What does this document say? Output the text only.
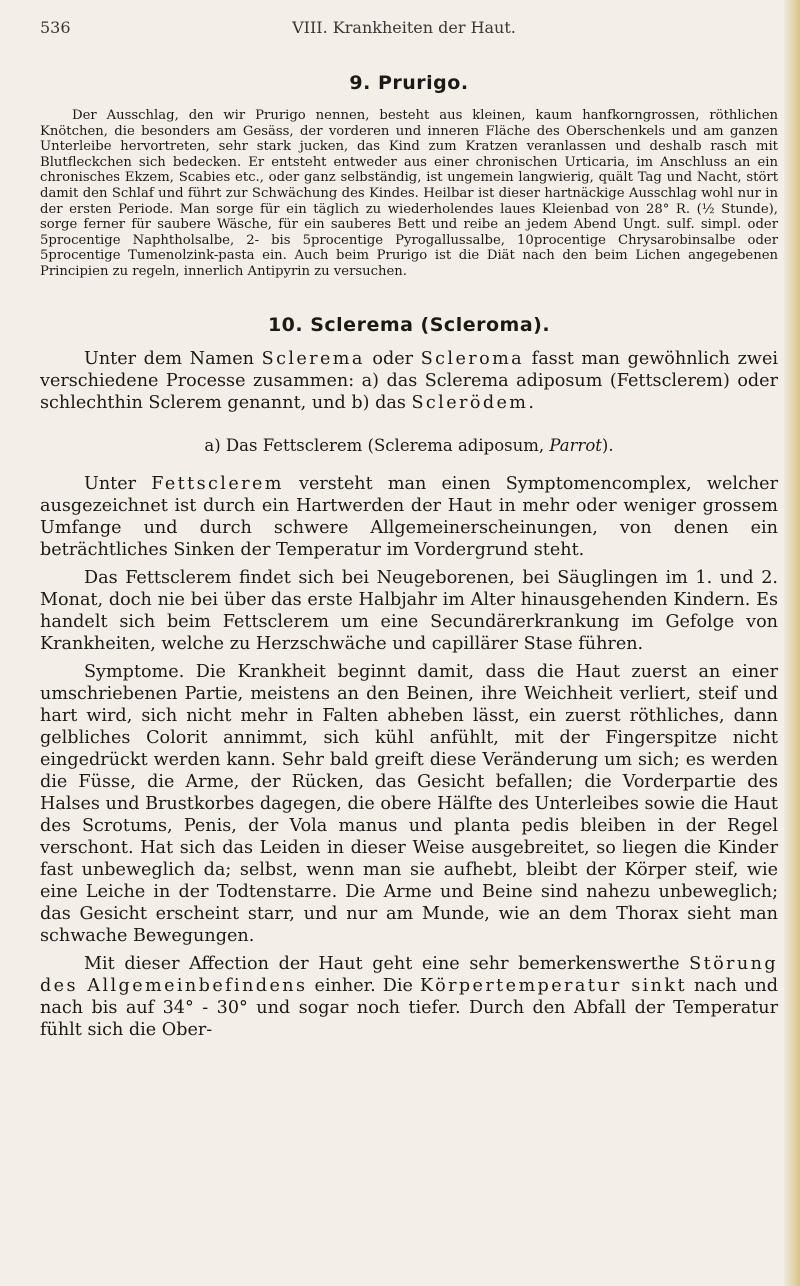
536	VIII. Krankheiten der Haut.
9. Prurigo.

Der Ausschlag, den wir Prurigo nennen, besteht aus kleinen, kaum hanfkorngrossen, röthlichen Knötchen, die besonders am Gesäss, der vorderen und inneren Fläche des Oberschenkels und am ganzen Unterleibe hervortreten, sehr stark jucken, das Kind zum Kratzen veranlassen und deshalb rasch mit Blutfleckchen sich bedecken. Er entsteht entweder aus einer chronischen Urticaria, im Anschluss an ein chronisches Ekzem, Scabies etc., oder ganz selbständig, ist ungemein langwierig, quält Tag und Nacht, stört damit den Schlaf und führt zur Schwächung des Kindes. Heilbar ist dieser hartnäckige Ausschlag wohl nur in der ersten Periode. Man sorge für ein täglich zu wiederholendes laues Kleienbad von 28° R. (½ Stunde), sorge ferner für saubere Wäsche, für ein sauberes Bett und reibe an jedem Abend Ungt. sulf. simpl. oder 5procentige Naphtholsalbe, 2- bis 5procentige Pyrogallussalbe, 10procentige Chrysarobinsalbe oder 5procentige Tumenolzink-pasta ein. Auch beim Prurigo ist die Diät nach den beim Lichen angegebenen Principien zu regeln, innerlich Antipyrin zu versuchen.

10. Sclerema (Scleroma).

Unter dem Namen Sclerema oder Scleroma fasst man gewöhnlich zwei verschiedene Processe zusammen: a) das Sclerema adiposum (Fettsclerem) oder schlechthin Sclerem genannt, und b) das Sclerödem.

a) Das Fettsclerem (Sclerema adiposum, Parrot).

Unter Fettsclerem versteht man einen Symptomencomplex, welcher ausgezeichnet ist durch ein Hartwerden der Haut in mehr oder weniger grossem Umfange und durch schwere Allgemeinerscheinungen, von denen ein beträchtliches Sinken der Temperatur im Vordergrund steht.

Das Fettsclerem findet sich bei Neugeborenen, bei Säuglingen im 1. und 2. Monat, doch nie bei über das erste Halbjahr im Alter hinausgehenden Kindern. Es handelt sich beim Fettsclerem um eine Secundärerkrankung im Gefolge von Krankheiten, welche zu Herzschwäche und capillärer Stase führen.

Symptome. Die Krankheit beginnt damit, dass die Haut zuerst an einer umschriebenen Partie, meistens an den Beinen, ihre Weichheit verliert, steif und hart wird, sich nicht mehr in Falten abheben lässt, ein zuerst röthliches, dann gelbliches Colorit annimmt, sich kühl anfühlt, mit der Fingerspitze nicht eingedrückt werden kann. Sehr bald greift diese Veränderung um sich; es werden die Füsse, die Arme, der Rücken, das Gesicht befallen; die Vorderpartie des Halses und Brustkorbes dagegen, die obere Hälfte des Unterleibes sowie die Haut des Scrotums, Penis, der Vola manus und planta pedis bleiben in der Regel verschont. Hat sich das Leiden in dieser Weise ausgebreitet, so liegen die Kinder fast unbeweglich da; selbst, wenn man sie aufhebt, bleibt der Körper steif, wie eine Leiche in der Todtenstarre. Die Arme und Beine sind nahezu unbeweglich; das Gesicht erscheint starr, und nur am Munde, wie an dem Thorax sieht man schwache Bewegungen.

Mit dieser Affection der Haut geht eine sehr bemerkenswerthe Störung des Allgemeinbefindens einher. Die Körpertemperatur sinkt nach und nach bis auf 34° - 30° und sogar noch tiefer. Durch den Abfall der Temperatur fühlt sich die Ober-
